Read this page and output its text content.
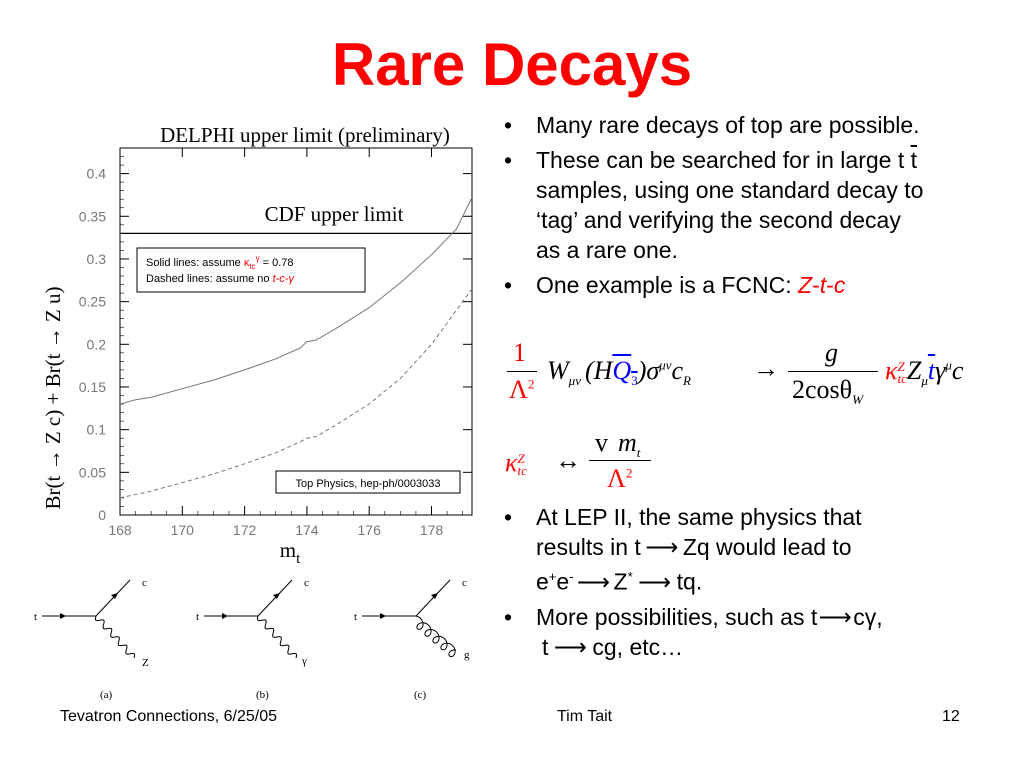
Rare Decays
DELPHI upper limit (preliminary)
0
0.05
0.1
0.15
0.2
0.25
0.3
0.35
0.4
168	170	172	174	176	178
CDF upper limit
Br(t → Z c) + Br(t → Z u)
$m_t$
Solid lines: assume $\kappa_{tc}^\gamma = 0.78$
Dashed lines: assume no t-c-γ
Top Physics, hep-ph/0003033
t
c
Z
(a)
t
c
γ
(b)
t
c
g
(c)
• Many rare decays of top are possible.
• These can be searched for in large t $\overline{t}$
samples, using one standard decay to
‘tag’ and verifying the second decay
as a rare one.
• One example is a FCNC: Z-t-c
1
$\Lambda^2$ $W_{\mu\nu}$ $(HQ_3)\sigma^{\mu\nu}c_R$ →
g
2cosθ$_W$
κZ
$tcZ_\mu\overline{t}\gamma^\mu c$
κZ
tc ↔
v $m_t$
$\Lambda^2$
• At LEP II, the same physics that
results in t ⟶ Zq would lead to
e+e- ⟶ Z* ⟶ tq.
• More possibilities, such as t⟶cγ,
t ⟶ cg, etc…
Tevatron Connections, 6/25/05	Tim Tait	12
